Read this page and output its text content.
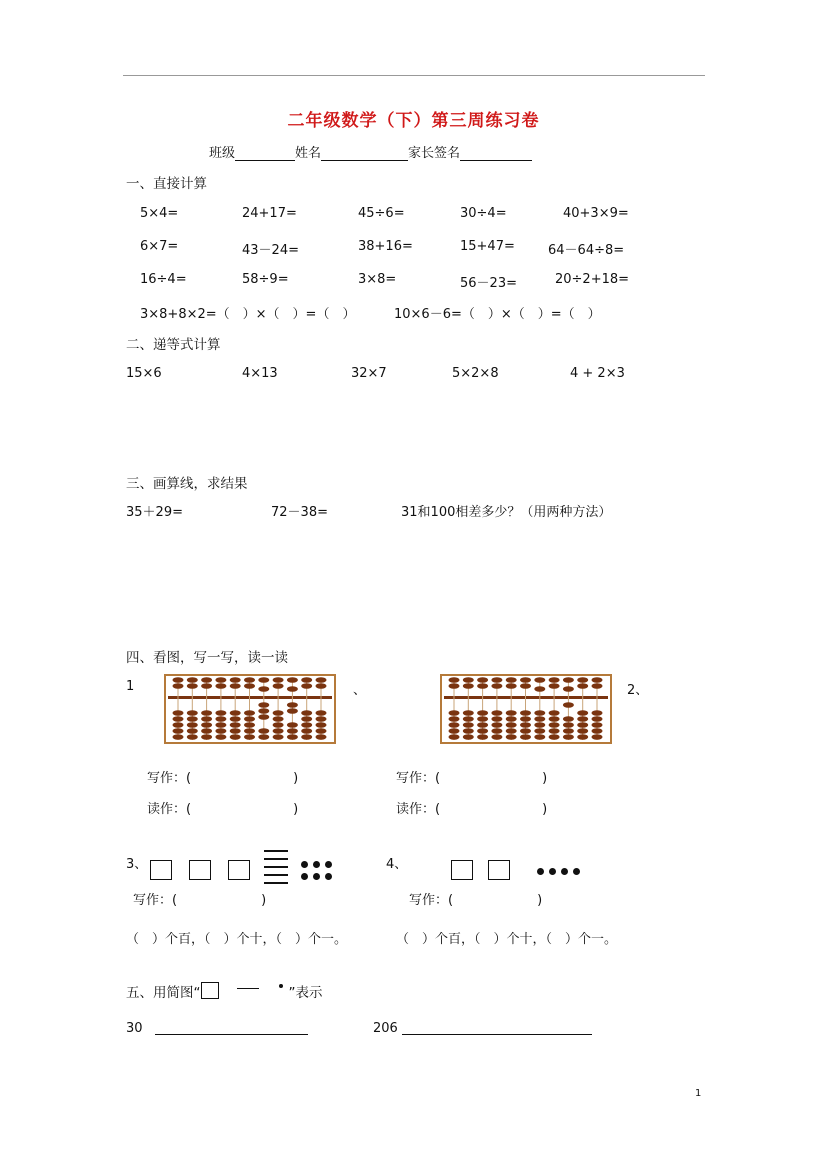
二年级数学（下）第三周练习卷
班级	姓名	家长签名
一、直接计算
5×4=	24+17=	45÷6=	30÷4=	40+3×9=
6×7=	43－24=	38+16=	15+47=	64－64÷8=
16÷4=	58÷9=	3×8=	56－23=	20÷2+18=
3×8+8×2=（　）×（　）=（　）	10×6－6=（　）×（　）=（　）
二、递等式计算
15×6	4×13	32×7	5×2×8	4 + 2×3
三、画算线，求结果
35＋29=	72－38=	31和100相差多少？（用两种方法）
四、看图，写一写，读一读
1	、	2、
写作：(	)	写作：(	)
读作：(	)	读作：(	)
3、	4、
写作：(	)	写作：(	)
（　）个百，（　）个十，（　）个一。	（　）个百，（　）个十，（　）个一。
五、用简图“	”表示
30	206
1
